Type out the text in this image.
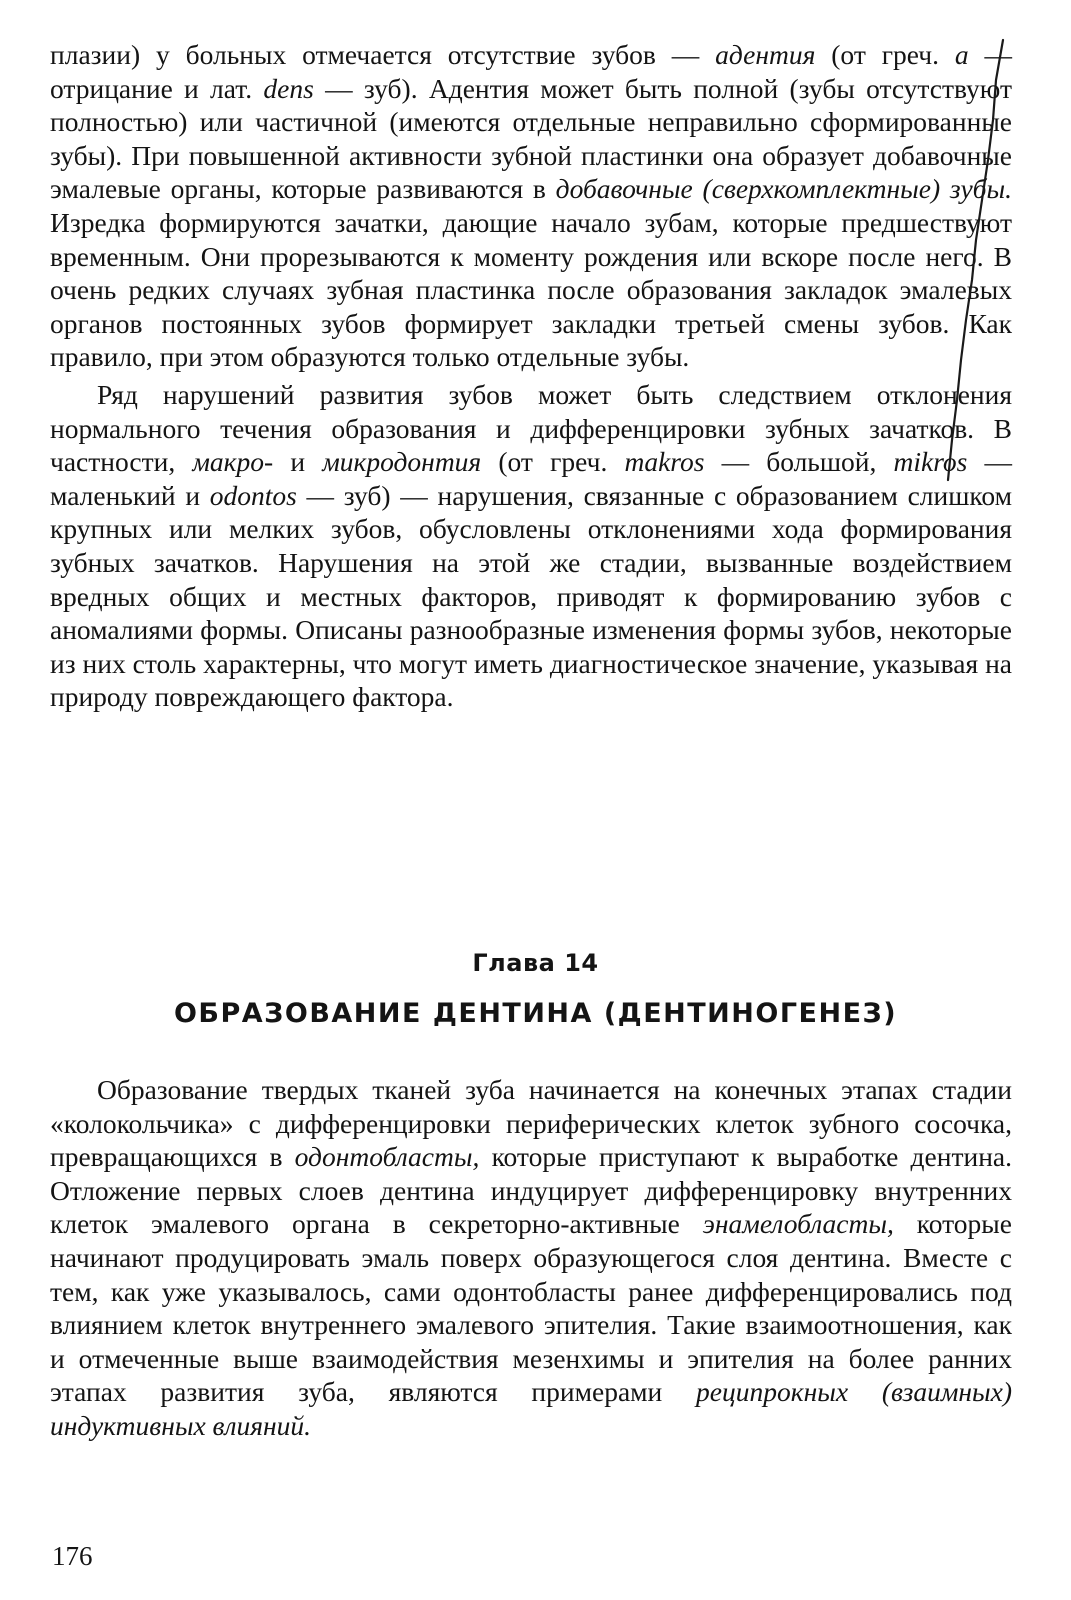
плазии) у больных отмечается отсутствие зубов — адентия (от греч. а — отрицание и лат. dens — зуб). Адентия может быть полной (зубы отсутствуют полностью) или частичной (имеются отдельные неправильно сформированные зубы). При повышенной активности зубной пластинки она образует добавочные эмалевые органы, которые развиваются в добавочные (сверхкомплектные) зубы. Изредка формируются зачатки, дающие начало зубам, которые предшествуют временным. Они прорезываются к моменту рождения или вскоре после него. В очень редких случаях зубная пластинка после образования закладок эмалевых органов постоянных зубов формирует закладки третьей смены зубов. Как правило, при этом образуются только отдельные зубы.

Ряд нарушений развития зубов может быть следствием отклонения нормального течения образования и дифференцировки зубных зачатков. В частности, макро- и микродонтия (от греч. makros — большой, mikros — маленький и odontos — зуб) — нарушения, связанные с образованием слишком крупных или мелких зубов, обусловлены отклонениями хода формирования зубных зачатков. Нарушения на этой же стадии, вызванные воздействием вредных общих и местных факторов, приводят к формированию зубов с аномалиями формы. Описаны разнообразные изменения формы зубов, некоторые из них столь характерны, что могут иметь диагностическое значение, указывая на природу повреждающего фактора.

Глава 14
ОБРАЗОВАНИЕ ДЕНТИНА (ДЕНТИНОГЕНЕЗ)

Образование твердых тканей зуба начинается на конечных этапах стадии «колокольчика» с дифференцировки периферических клеток зубного сосочка, превращающихся в одонтобласты, которые приступают к выработке дентина. Отложение первых слоев дентина индуцирует дифференцировку внутренних клеток эмалевого органа в секреторно-активные энамелобласты, которые начинают продуцировать эмаль поверх образующегося слоя дентина. Вместе с тем, как уже указывалось, сами одонтобласты ранее дифференцировались под влиянием клеток внутреннего эмалевого эпителия. Такие взаимоотношения, как и отмеченные выше взаимодействия мезенхимы и эпителия на более ранних этапах развития зуба, являются примерами реципрокных (взаимных) индуктивных влияний.

176
